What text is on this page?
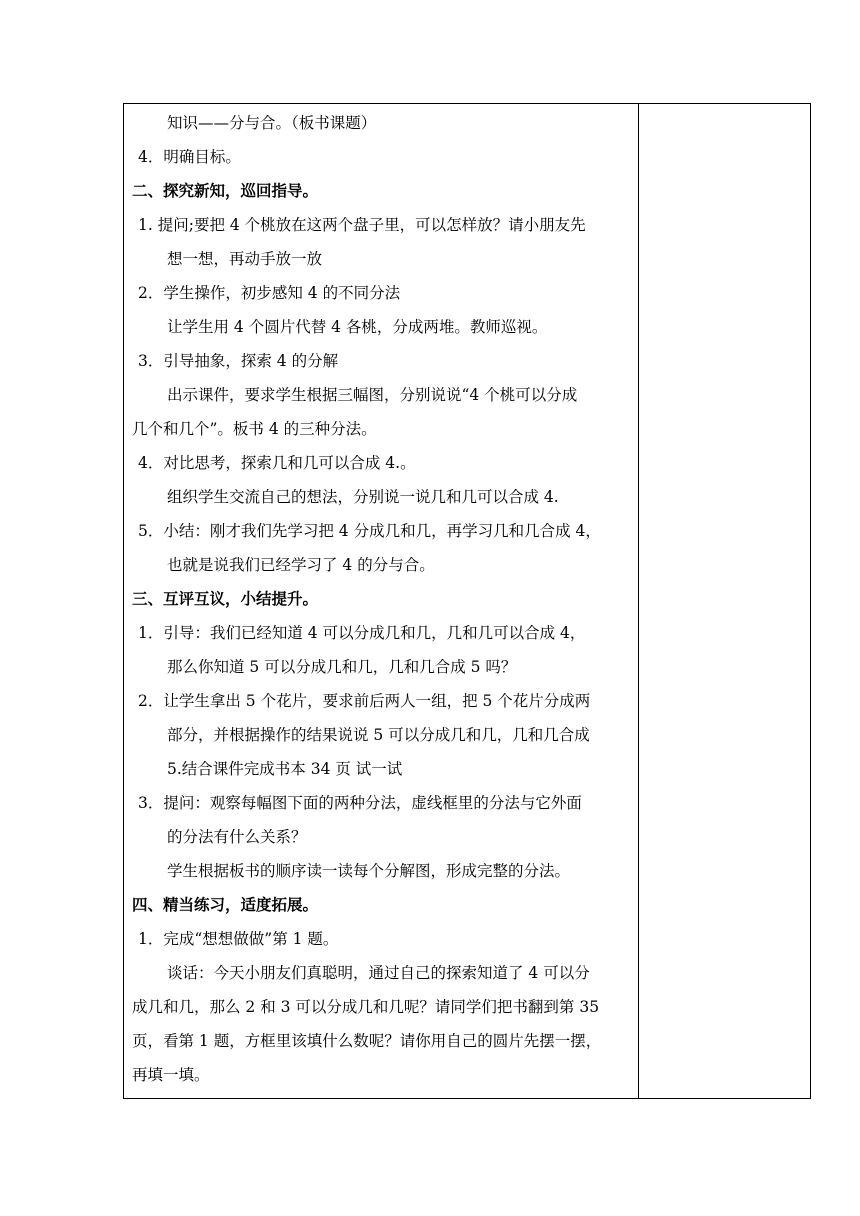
知识——分与合。（板书课题）
4．明确目标。
二、探究新知，巡回指导。
1. 提问;要把 4 个桃放在这两个盘子里，可以怎样放？请小朋友先
想一想，再动手放一放
2．学生操作，初步感知 4 的不同分法
让学生用 4 个圆片代替 4 各桃，分成两堆。教师巡视。
3．引导抽象，探索 4 的分解
出示课件，要求学生根据三幅图，分别说说“4 个桃可以分成
几个和几个”。板书 4 的三种分法。
4．对比思考，探索几和几可以合成 4.。
组织学生交流自己的想法，分别说一说几和几可以合成 4.
5．小结：刚才我们先学习把 4 分成几和几，再学习几和几合成 4，
也就是说我们已经学习了 4 的分与合。
三、互评互议，小结提升。
1．引导：我们已经知道 4 可以分成几和几，几和几可以合成 4，
那么你知道 5 可以分成几和几，几和几合成 5 吗？
2．让学生拿出 5 个花片，要求前后两人一组，把 5 个花片分成两
部分，并根据操作的结果说说 5 可以分成几和几，几和几合成
5.结合课件完成书本 34 页 试一试
3．提问：观察每幅图下面的两种分法，虚线框里的分法与它外面
的分法有什么关系？
学生根据板书的顺序读一读每个分解图，形成完整的分法。
四、精当练习，适度拓展。
1．完成“想想做做”第 1 题。
谈话：今天小朋友们真聪明，通过自己的探索知道了 4 可以分
成几和几，那么 2 和 3 可以分成几和几呢？请同学们把书翻到第 35
页，看第 1 题，方框里该填什么数呢？请你用自己的圆片先摆一摆，
再填一填。
